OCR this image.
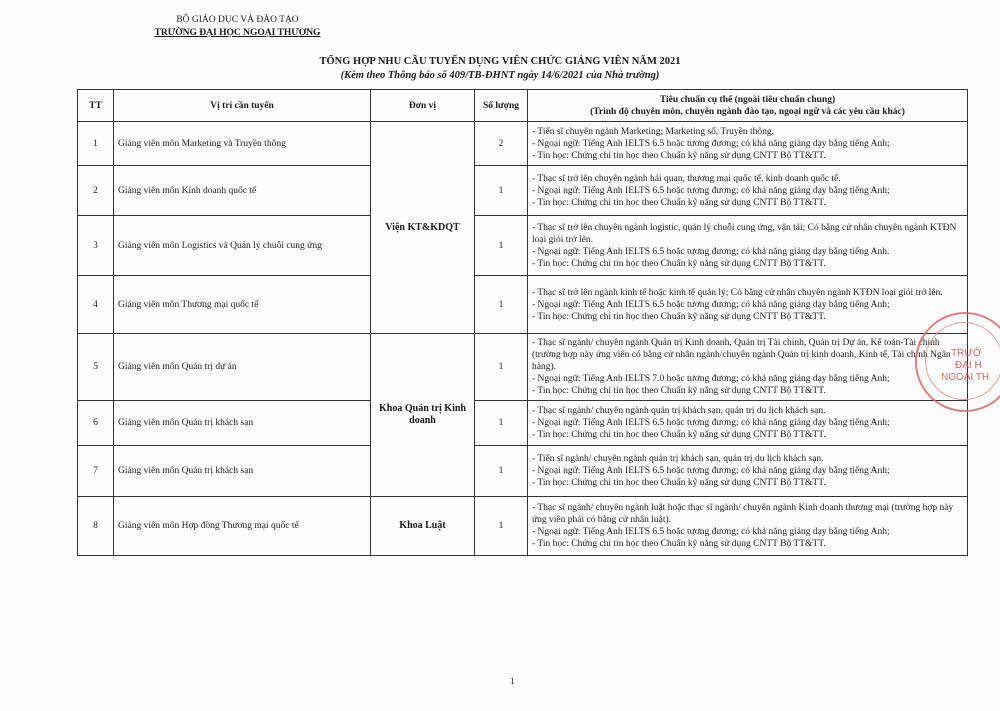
BỘ GIÁO DỤC VÀ ĐÀO TẠO
TRƯỜNG ĐẠI HỌC NGOẠI THƯƠNG
TỔNG HỢP NHU CẦU TUYỂN DỤNG VIÊN CHỨC GIẢNG VIÊN NĂM 2021
(Kèm theo Thông báo số 409/TB-ĐHNT ngày 14/6/2021 của Nhà trường)
TT	Vị trí cần tuyển	Đơn vị	Số lượng	Tiêu chuẩn cụ thể (ngoài tiêu chuẩn chung)
(Trình độ chuyên môn, chuyên ngành đào tạo, ngoại ngữ và các yêu cầu khác)

1	Giảng viên môn Marketing và Truyền thông	Viện KT&KDQT	2	- Tiến sĩ chuyên ngành Marketing; Marketing số, Truyền thông.
- Ngoại ngữ: Tiếng Anh IELTS 6.5 hoặc tương đương; có khả năng giảng dạy bằng tiếng Anh;
- Tin học: Chứng chỉ tin học theo Chuẩn kỹ năng sử dụng CNTT Bộ TT&TT.

2	Giảng viên môn Kinh doanh quốc tế		1	- Thạc sĩ trở lên chuyên ngành hải quan, thương mại quốc tế, kinh doanh quốc tế.
- Ngoại ngữ: Tiếng Anh IELTS 6.5 hoặc tương đương; có khả năng giảng dạy bằng tiếng Anh;
- Tin học: Chứng chỉ tin học theo Chuẩn kỹ năng sử dụng CNTT Bộ TT&TT.

3	Giảng viên môn Logistics và Quản lý chuỗi cung ứng		1	- Thạc sĩ trở lên chuyên ngành logistic, quản lý chuỗi cung ứng, vận tải; Có bằng cử nhân chuyên ngành KTĐN loại giỏi trở lên.
- Ngoại ngữ: Tiếng Anh IELTS 6.5 hoặc tương đương; có khả năng giảng dạy bằng tiếng Anh.
- Tin học: Chứng chỉ tin học theo Chuẩn kỹ năng sử dụng CNTT Bộ TT&TT.

4	Giảng viên môn Thương mại quốc tế		1	- Thạc sĩ trở lên ngành kinh tế hoặc kinh tế quản lý; Có bằng cử nhân chuyên ngành KTĐN loại giỏi trở lên.
- Ngoại ngữ: Tiếng Anh IELTS 6.5 hoặc tương đương; có khả năng giảng dạy bằng tiếng Anh;
- Tin học: Chứng chỉ tin học theo Chuẩn kỹ năng sử dụng CNTT Bộ TT&TT.

5	Giảng viên môn Quản trị dự án	Khoa Quản trị Kinh doanh	1	- Thạc sĩ ngành/ chuyên ngành Quản trị Kinh doanh, Quản trị Tài chính, Quản trị Dự án, Kế toán-Tài chính (trường hợp này ứng viên có bằng cử nhân ngành/chuyên ngành Quản trị kinh doanh, Kinh tế, Tài chính Ngân hàng).
- Ngoại ngữ: Tiếng Anh IELTS 7.0 hoặc tương đương; có khả năng giảng dạy bằng tiếng Anh;
- Tin học: Chứng chỉ tin học theo Chuẩn kỹ năng sử dụng CNTT Bộ TT&TT.

6	Giảng viên môn Quản trị khách sạn		1	- Thạc sĩ ngành/ chuyên ngành quản trị khách sạn, quản trị du lịch khách sạn.
- Ngoại ngữ: Tiếng Anh IELTS 6.5 hoặc tương đương; có khả năng giảng dạy bằng tiếng Anh;
- Tin học: Chứng chỉ tin học theo Chuẩn kỹ năng sử dụng CNTT Bộ TT&TT.

7	Giảng viên môn Quản trị khách sạn		1	- Tiến sĩ ngành/ chuyên ngành quản trị khách sạn, quản trị du lịch khách sạn.
- Ngoại ngữ: Tiếng Anh IELTS 6.5 hoặc tương đương; có khả năng giảng dạy bằng tiếng Anh;
- Tin học: Chứng chỉ tin học theo Chuẩn kỹ năng sử dụng CNTT Bộ TT&TT.

8	Giảng viên môn Hợp đồng Thương mại quốc tế	Khoa Luật	1	- Thạc sĩ ngành/ chuyên ngành luật hoặc thạc sĩ ngành/ chuyên ngành Kinh doanh thương mại (trường hợp này ứng viên phải có bằng cử nhân luật).
- Ngoại ngữ: Tiếng Anh IELTS 6.5 hoặc tương đương; có khả năng giảng dạy bằng tiếng Anh;
- Tin học: Chứng chỉ tin học theo Chuẩn kỹ năng sử dụng CNTT Bộ TT&TT.
TRƯỜ
ĐẠI H
NGOẠI TH
1
